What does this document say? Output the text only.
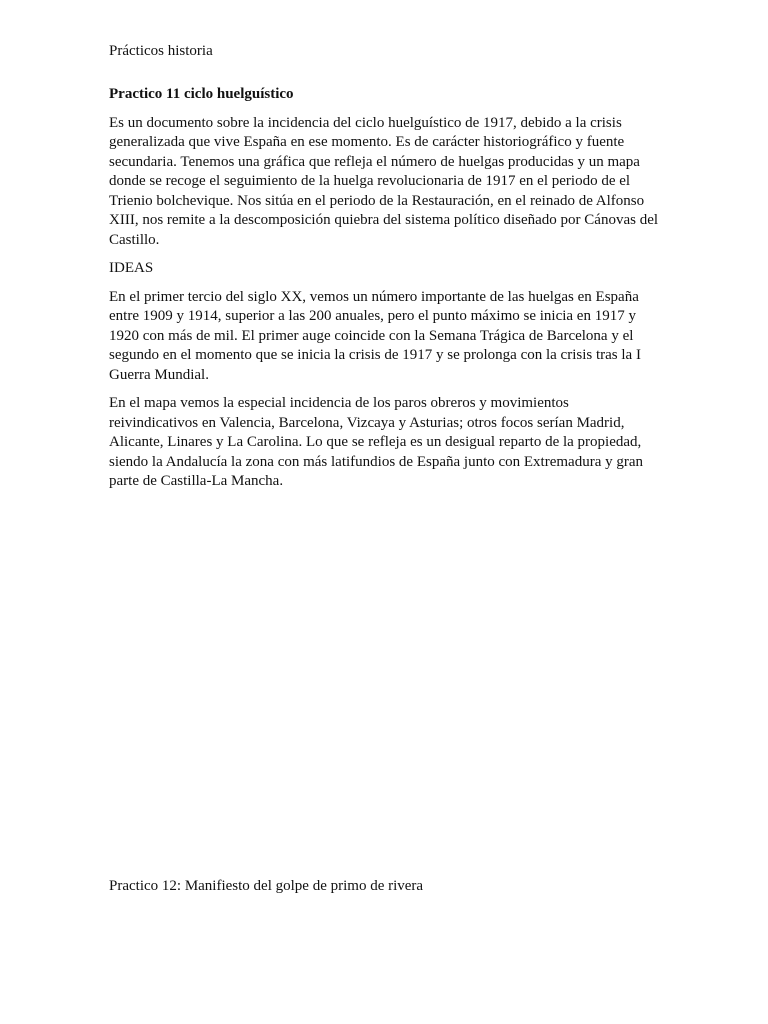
Prácticos historia
Practico 11 ciclo huelguístico

Es un documento sobre la incidencia del ciclo huelguístico de 1917, debido a la crisis generalizada que vive España en ese momento. Es de carácter historiográfico y fuente secundaria. Tenemos una gráfica que refleja el número de huelgas producidas y un mapa donde se recoge el seguimiento de la huelga revolucionaria de 1917 en el periodo de el Trienio bolchevique. Nos sitúa en el periodo de la Restauración, en el reinado de Alfonso XIII, nos remite a la descomposición quiebra del sistema político diseñado por Cánovas del Castillo.

IDEAS

En el primer tercio del siglo XX, vemos un número importante de las huelgas en España entre 1909 y 1914, superior a las 200 anuales, pero el punto máximo se inicia en 1917 y 1920 con más de mil. El primer auge coincide con la Semana Trágica de Barcelona y el segundo en el momento que se inicia la crisis de 1917 y se prolonga con la crisis tras la I Guerra Mundial.

En el mapa vemos la especial incidencia de los paros obreros y movimientos reivindicativos en Valencia, Barcelona, Vizcaya y Asturias; otros focos serían Madrid, Alicante, Linares y La Carolina. Lo que se refleja es un desigual reparto de la propiedad, siendo la Andalucía la zona con más latifundios de España junto con Extremadura y gran parte de Castilla-La Mancha.

Practico 12: Manifiesto del golpe de primo de rivera
